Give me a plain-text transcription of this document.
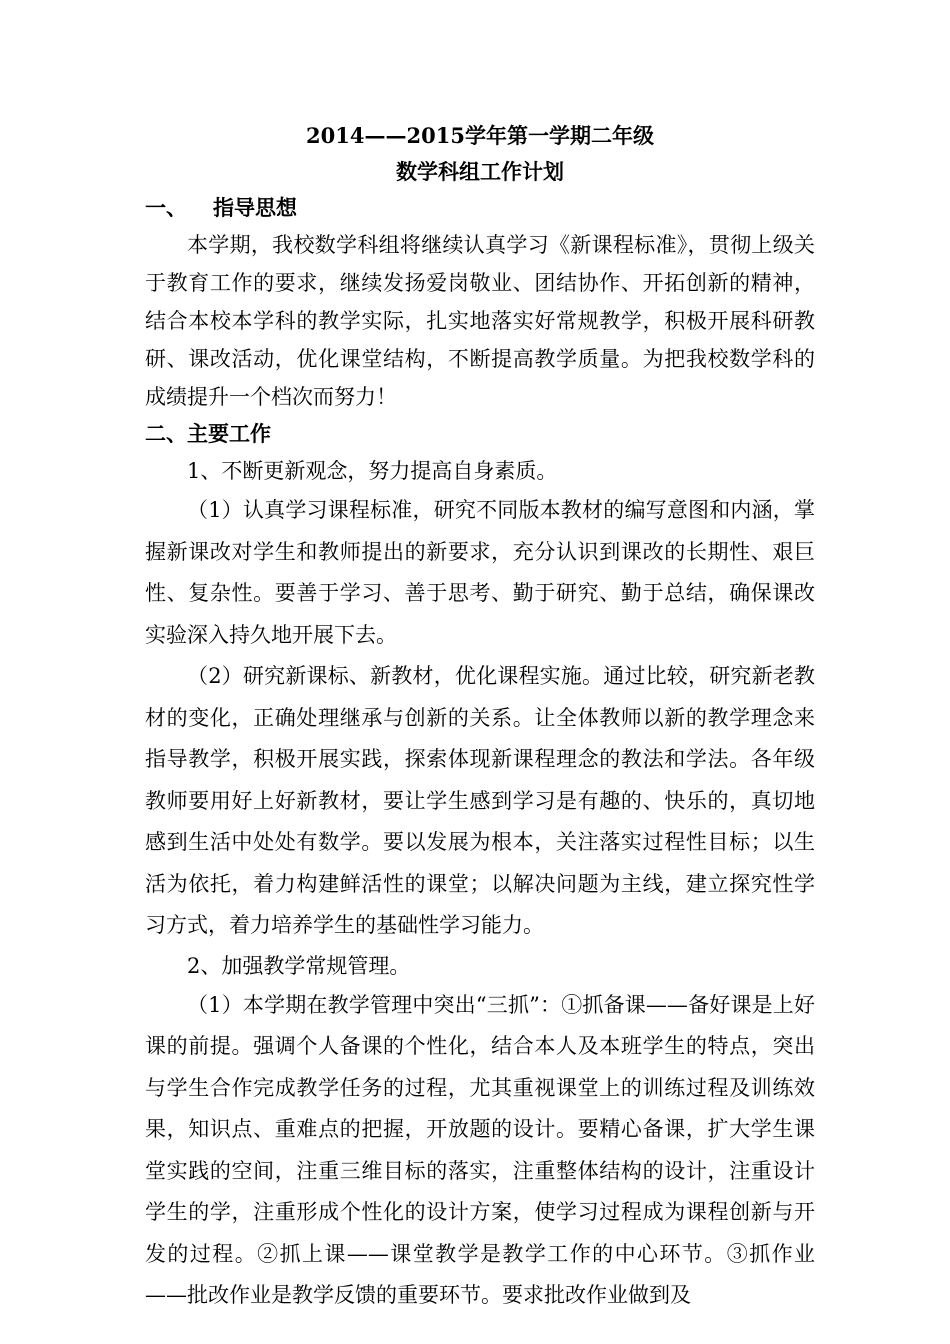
2014——2015学年第一学期二年级

数学科组工作计划

一、 指导思想

本学期，我校数学科组将继续认真学习《新课程标准》，贯彻上级关于教育工作的要求，继续发扬爱岗敬业、团结协作、开拓创新的精神，结合本校本学科的教学实际，扎实地落实好常规教学，积极开展科研教研、课改活动，优化课堂结构，不断提高教学质量。为把我校数学科的成绩提升一个档次而努力！

二、主要工作

1、不断更新观念，努力提高自身素质。

（1）认真学习课程标准，研究不同版本教材的编写意图和内涵，掌握新课改对学生和教师提出的新要求，充分认识到课改的长期性、艰巨性、复杂性。要善于学习、善于思考、勤于研究、勤于总结，确保课改实验深入持久地开展下去。

（2）研究新课标、新教材，优化课程实施。通过比较，研究新老教材的变化，正确处理继承与创新的关系。让全体教师以新的教学理念来指导教学，积极开展实践，探索体现新课程理念的教法和学法。各年级教师要用好上好新教材，要让学生感到学习是有趣的、快乐的，真切地感到生活中处处有数学。要以发展为根本，关注落实过程性目标；以生活为依托，着力构建鲜活性的课堂；以解决问题为主线，建立探究性学习方式，着力培养学生的基础性学习能力。

2、加强教学常规管理。

（1）本学期在教学管理中突出“三抓”：①抓备课——备好课是上好课的前提。强调个人备课的个性化，结合本人及本班学生的特点，突出与学生合作完成教学任务的过程，尤其重视课堂上的训练过程及训练效果，知识点、重难点的把握，开放题的设计。要精心备课，扩大学生课堂实践的空间，注重三维目标的落实，注重整体结构的设计，注重设计学生的学，注重形成个性化的设计方案，使学习过程成为课程创新与开发的过程。②抓上课——课堂教学是教学工作的中心环节。③抓作业——批改作业是教学反馈的重要环节。要求批改作业做到及
